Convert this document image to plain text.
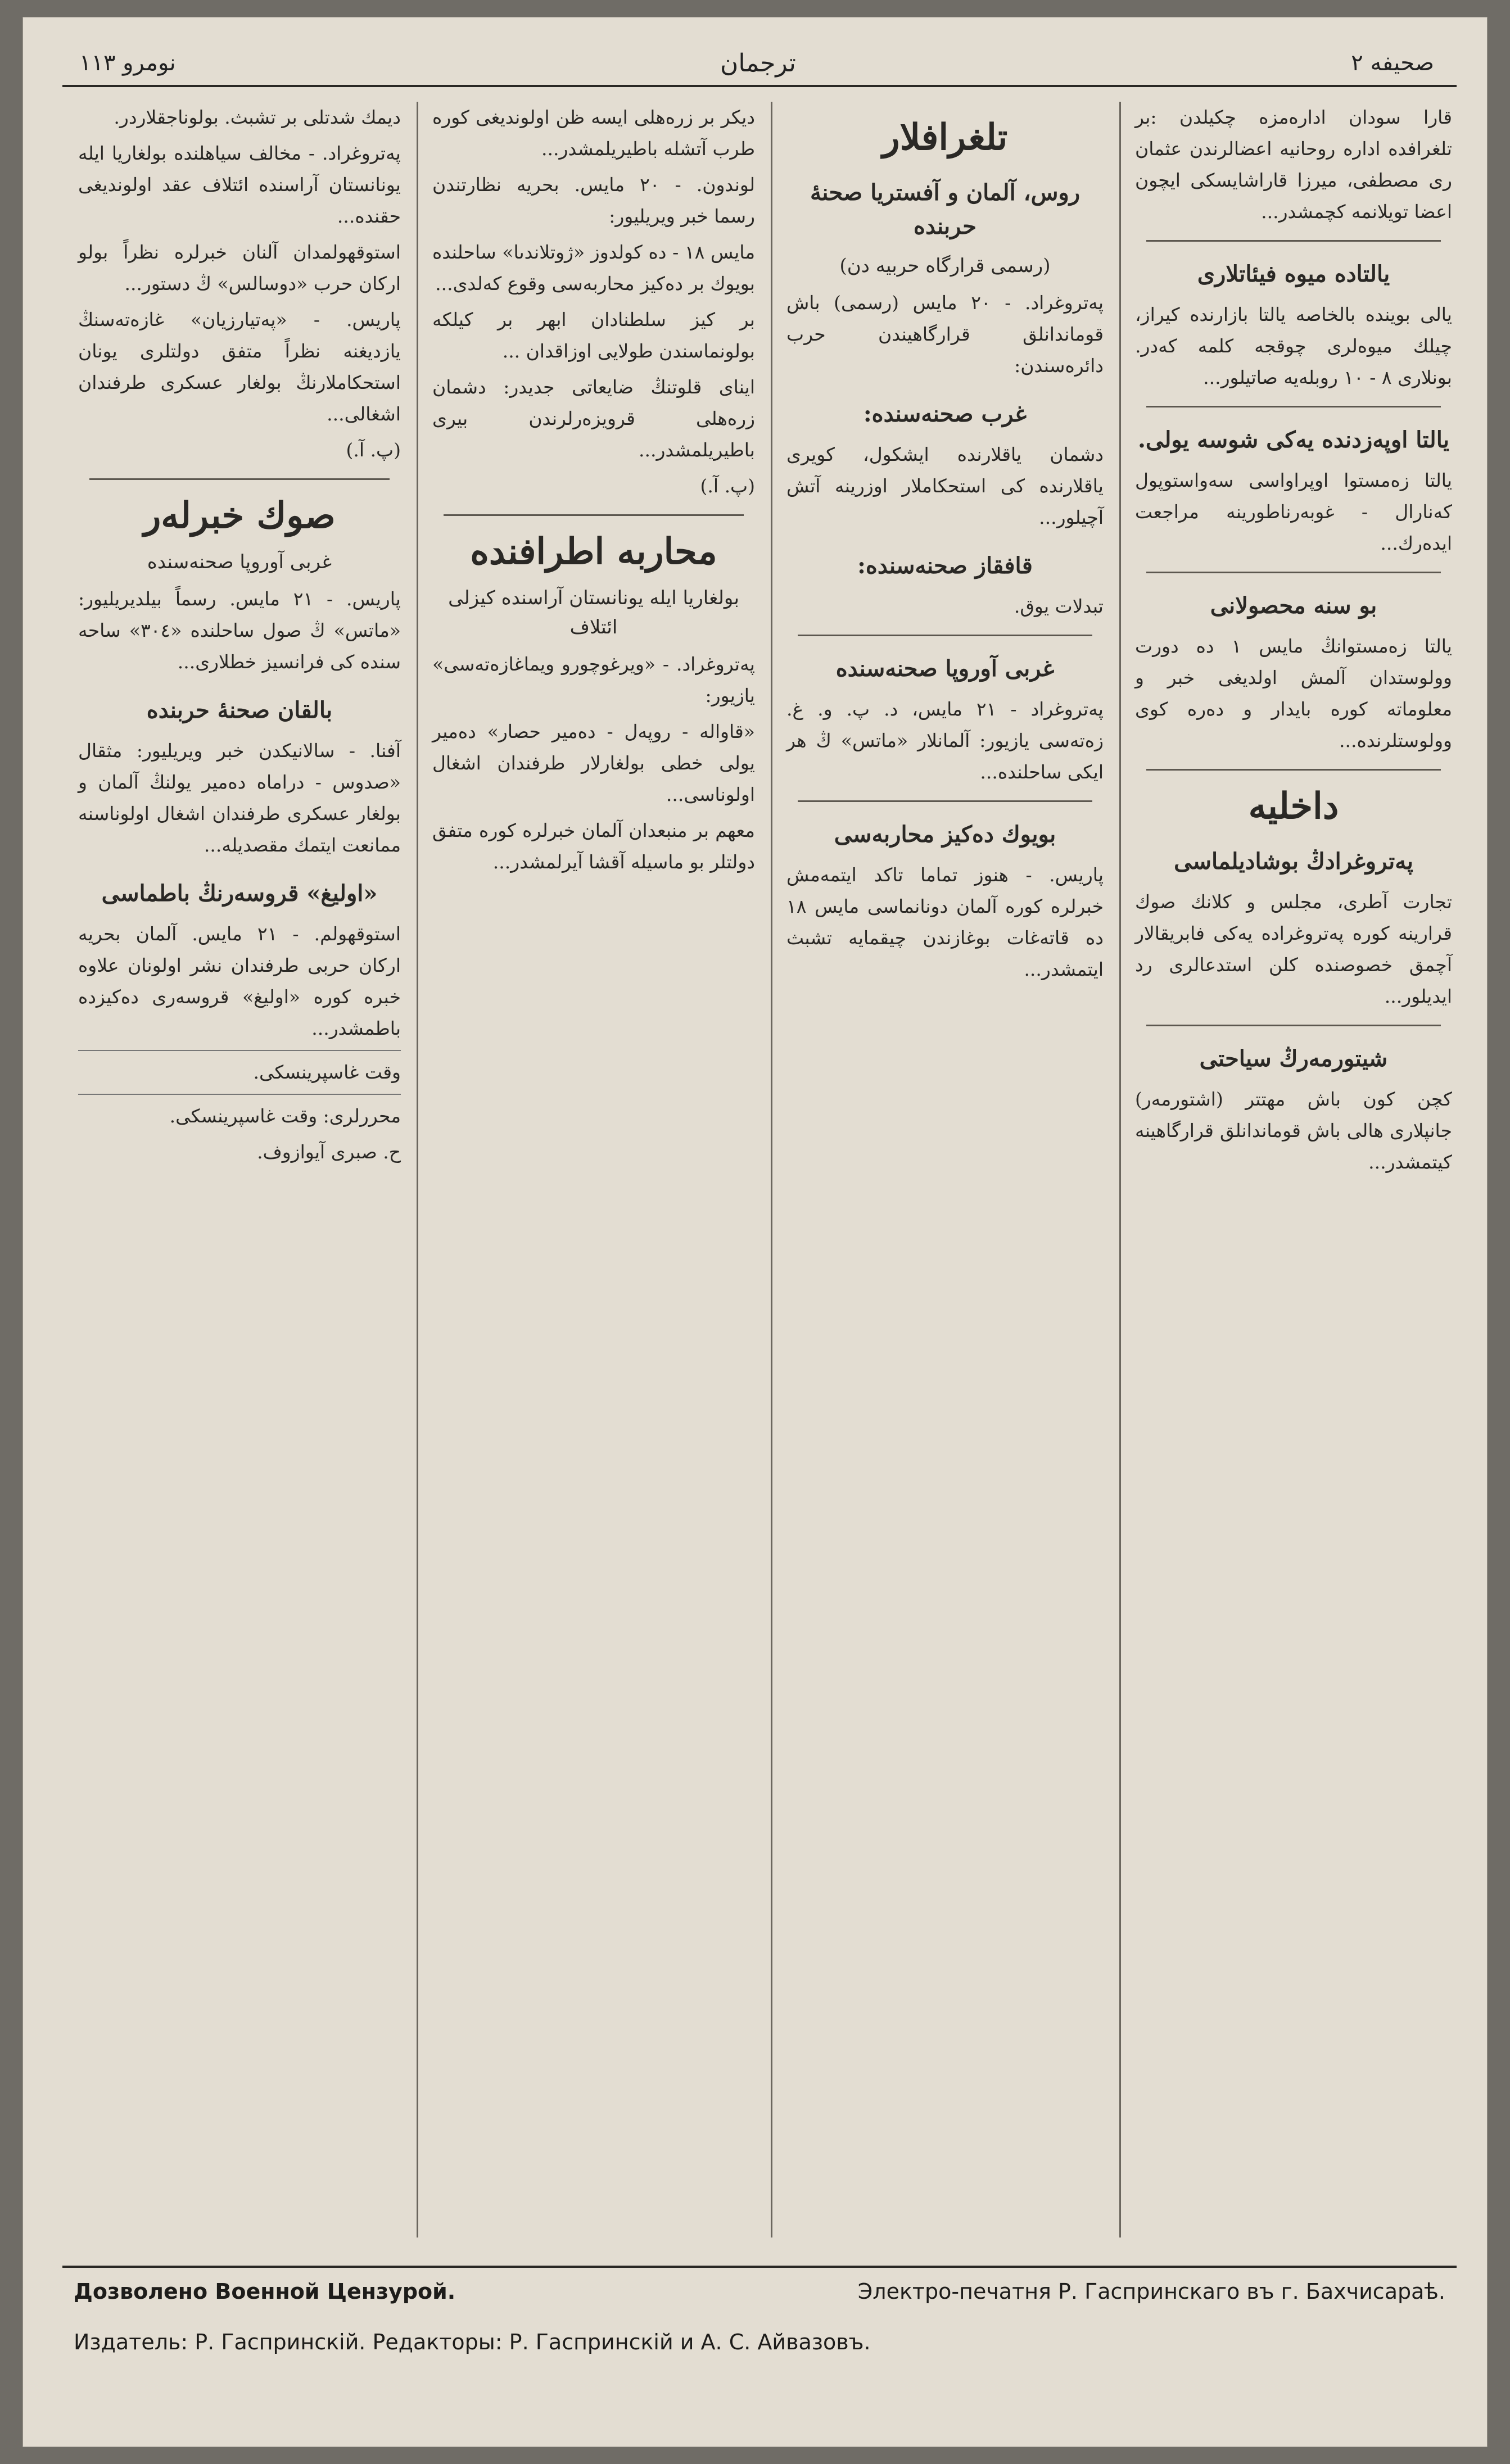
صحيفه ٢
ترجمان
نومرو ١١٣
قارا سودان ادارەمزە چكيلدن :بر تلغرافدە ادارە روحانيە اعضالرندن عثمان رى مصطفى، ميرزا قاراشايسكى ايچون اعضا تويلانمه كچمشدر...
يالتاده ميوه فيئاتلارى
يالى بوينده بالخاصه يالتا بازارنده كيراز، چيلك ميوەلرى چوقجه كلمه كەدر. بونلارى ٨ - ١٠ روبلەيه صاتيلور...
يالتا اوپەزدنده يەكى شوسه يولى.
يالتا زەمستوا اوپراواسى سەواستوپول كەنارال - غوبەرناطورينە مراجعت ايدەرك...
بو سنه محصولانى
يالتا زەمستوانڭ مايس ١ ده دورت وولوستدان آلمش اولديغى خبر و معلوماته كوره بايدار و دەرە كوى وولوستلرندە...
داخلیه
پەتروغرادڭ بوشاديلماسى
تجارت آطرى، مجلس و كلانك صوك قرارينه كوره پەتروغرادە يەكى فابريقالار آچمق خصوصنده كلن استدعالرى رد ايديلور...
شيتورمەرڭ سياحتى
كچن كون باش مهتتر (اشتورمەر) جانپلارى هالى باش قوماندانلق قرارگاهينە كيتمشدر...
تلغرافلار
روس، آلمان و آفستريا صحنۀ حربنده
(رسمى قرارگاه حربيه دن)
پەتروغراد. - ٢٠ مايس (رسمى) باش قوماندانلق قرارگاهيندن حرب دائرەسندن:
غرب صحنەسنده:
دشمان ياقلارندە ايشكول، كويرى ياقلارندە كى استحكاملار اوزرينه آتش آچيلور...
قافقاز صحنەسنده:
تبدلات يوق.
غربى آوروپا صحنەسنده
پەتروغراد - ٢١ مايس، د. پ. و. غ. زەتەسى يازيور: آلمانلار «ماتس» ڭ هر ايكى ساحلنده...
بويوك دەكيز محاربەسى
پاريس. - هنوز تماما تاكد ايتمەمش خبرلره كوره آلمان دونانماسى مايس ١٨ ده قاتەغات بوغازندن چيقمايه تشبث ايتمشدر...
ديكر بر زرەهلى ايسه ظن اولونديغى كوره طرب آتشله باطيريلمشدر...
لوندون. - ٢٠ مايس. بحريه نظارتندن رسما خبر ويريليور:
مايس ١٨ - ده كولدوز «ژوتلاندىا» ساحلنده بويوك بر دەكيز محاربەسى وقوع كەلدى...
بر كيز سلطنادان ابهر بر كيلكه بولونماسندن طولايى اوزاقدان ...
ايناى قلوتنڭ ضايعاتى جديدر: دشمان زرەهلى قرويزەرلرندن بيرى باطيريلمشدر...
(پ. آ.)
محاربه اطرافنده
بولغاريا ايله يونانستان آراسنده كيزلى ائتلاف
پەتروغراد. - «ويرغوچورو ويماغازەتەسى» يازيور:
«قاوالە - روپەل - دەمير حصار» دەمير يولى خطى بولغارلار طرفندان اشغال اولوناسى...
معهم بر منبعدان آلمان خبرلره كوره متفق دولتلر بو ماسيلە آقشا آيرلمشدر...
ديمك شدتلى بر تشبث. بولوناجقلاردر.
پەتروغراد. - مخالف سياهلنده بولغاريا ايله يونانستان آراسنده ائتلاف عقد اولونديغى حقنده...
استوقهولمدان آلنان خبرلره نظراً بولو اركان حرب «دوسالس» ڭ دستور...
پاريس. - «پەتيارزيان» غازەتەسنڭ يازديغنه نظراً متفق دولتلرى يونان استحكاملارنڭ بولغار عسكرى طرفندان اشغالى...
(پ. آ.)
صوك خبرلەر
غربى آوروپا صحنەسنده
پاريس. - ٢١ مايس. رسماً بيلديريليور: «ماتس» ڭ صول ساحلنده «٣٠٤» ساحه سنده كى فرانسيز خطلارى...
بالقان صحنۀ حربنده
آفنا. - سالانيكدن خبر ويريليور: مثقال «صدوس - دراماه دەمير يولنڭ آلمان و بولغار عسكرى طرفندان اشغال اولوناسنه ممانعت ايتمك مقصديله...
«اوليغ» قروسەرنڭ باطماسى
استوقهولم. - ٢١ مايس. آلمان بحريه اركان حربى طرفندان نشر اولونان علاوه خبره كوره «اوليغ» قروسەرى دەكيزده باطمشدر...
وقت غاسپرينسكى.
محررلرى: وقت غاسپرينسكى.
ح. صبرى آيوازوف.
Дозволено Военной Цензурой.	Электро-печатня Р. Гаспринскаго въ г. Бахчисараѣ.
Издатель: Р. Гаспринскій. Редакторы: Р. Гаспринскій и А. С. Айвазовъ.
